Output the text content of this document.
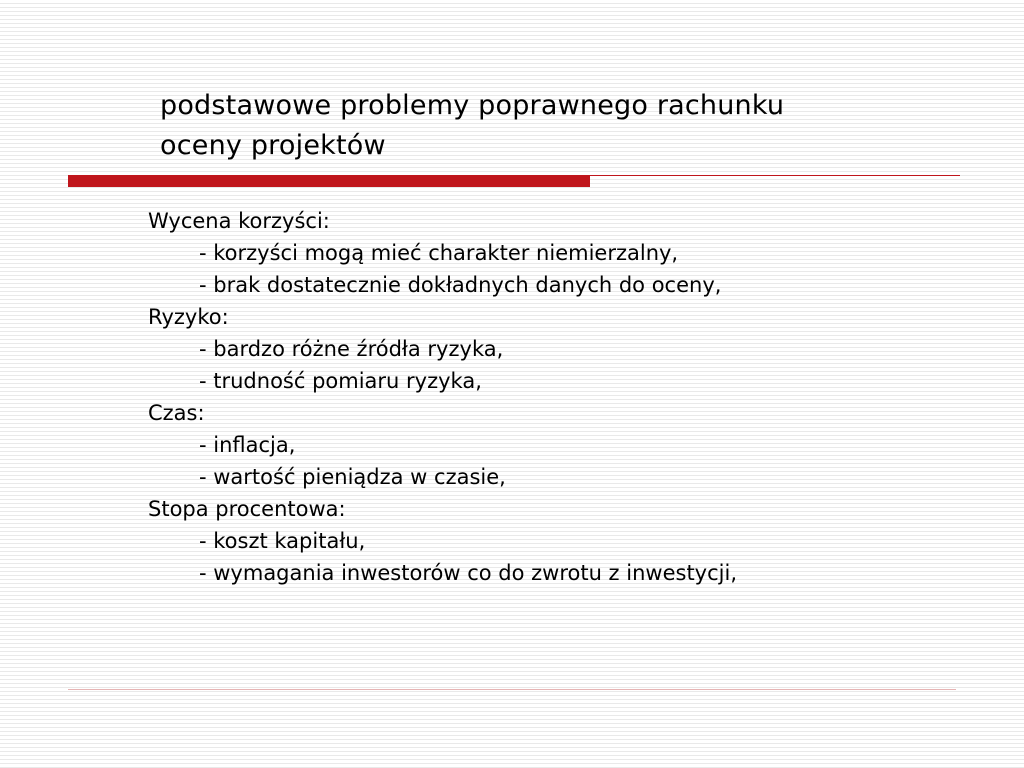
podstawowe problemy poprawnego rachunku
oceny projektów
Wycena korzyści:
- korzyści mogą mieć charakter niemierzalny,
- brak dostatecznie dokładnych danych do oceny,
Ryzyko:
- bardzo różne źródła ryzyka,
- trudność pomiaru ryzyka,
Czas:
- inflacja,
- wartość pieniądza w czasie,
Stopa procentowa:
- koszt kapitału,
- wymagania inwestorów co do zwrotu z inwestycji,
